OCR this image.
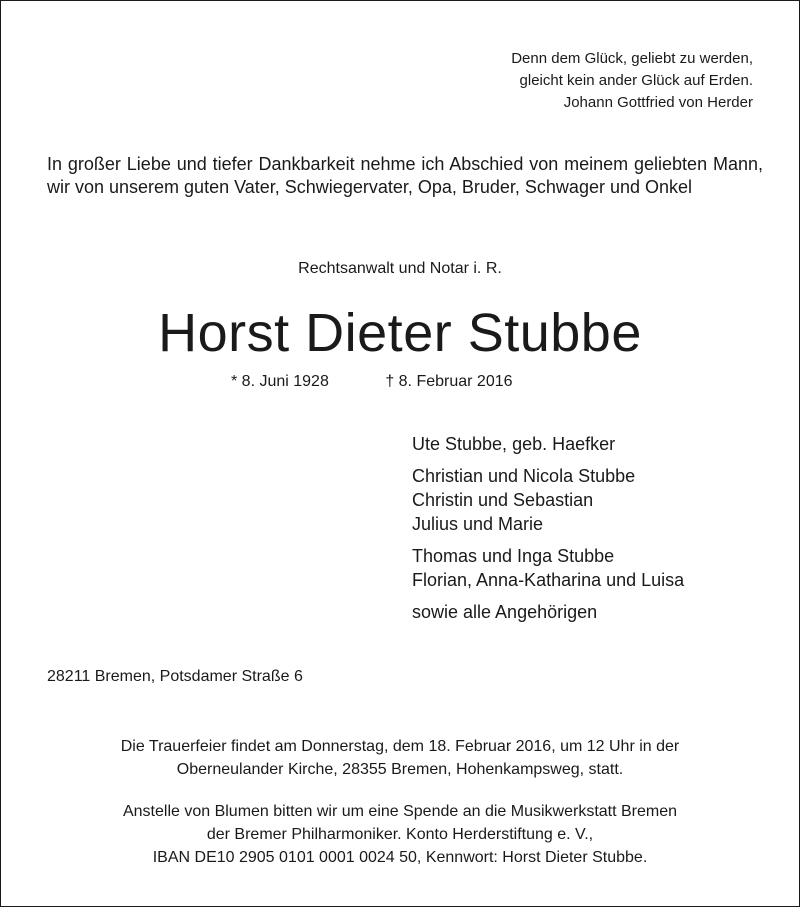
Denn dem Glück, geliebt zu werden,
gleicht kein ander Glück auf Erden.
Johann Gottfried von Herder
In großer Liebe und tiefer Dankbarkeit nehme ich Abschied von meinem geliebten Mann, wir von unserem guten Vater, Schwiegervater, Opa, Bruder, Schwager und Onkel
Rechtsanwalt und Notar i. R.
Horst Dieter Stubbe
* 8. Juni 1928	† 8. Februar 2016
Ute Stubbe, geb. Haefker
Christian und Nicola Stubbe
Christin und Sebastian
Julius und Marie
Thomas und Inga Stubbe
Florian, Anna-Katharina und Luisa
sowie alle Angehörigen
28211 Bremen, Potsdamer Straße 6
Die Trauerfeier findet am Donnerstag, dem 18. Februar 2016, um 12 Uhr in der
Oberneulander Kirche, 28355 Bremen, Hohenkampsweg, statt.
Anstelle von Blumen bitten wir um eine Spende an die Musikwerkstatt Bremen
der Bremer Philharmoniker. Konto Herderstiftung e. V.,
IBAN DE10 2905 0101 0001 0024 50, Kennwort: Horst Dieter Stubbe.
